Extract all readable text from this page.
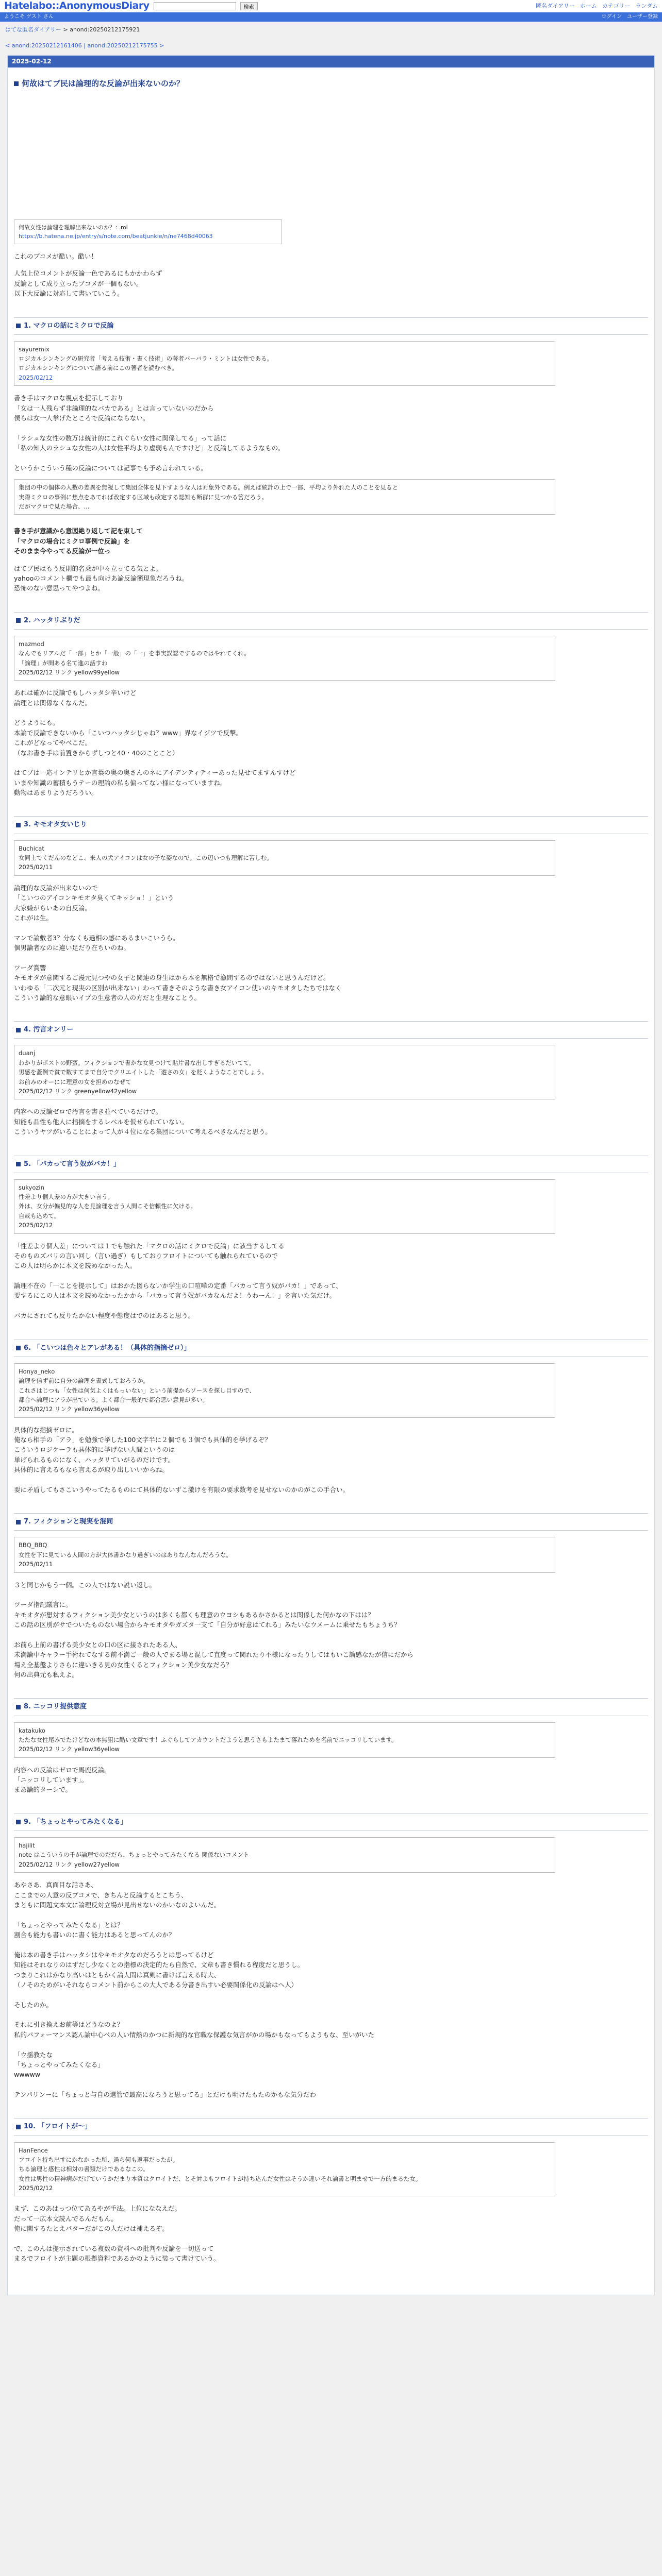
Hatelabo::AnonymousDiary	検索	匿名ダイアリー ホーム カテゴリー ランダム
ようこそ ゲスト さん	ログイン ユーザー登録
はてな匿名ダイアリー > anond:20250212175921
< anond:20250212161406 | anond:20250212175755 >
2025-02-12
何故はてブ民は論理的な反論が出来ないのか？
何故女性は論理を理解出来ないのか？：ml
https://b.hatena.ne.jp/entry/s/note.com/beatjunkie/n/ne7468d40063
これのブコメが酷い。酷い！
人気上位コメントが反論一色であるにもかかわらず
反論として成り立ったブコメが一個もない。
以下大反論に対応して書いていこう。
1. マクロの話にミクロで反論
sayuremix
ロジカルシンキングの研究者「考える技術・書く技術」の著者バーバラ・ミントは女性である。
ロジカルシンキングについて語る前にこの著者を読むべき。
2025/02/12
書き手はマクロな視点を提示しており
「女は一人残らず非論理的なバカである」とは言っていないのだから
僕らは女一人挙げたところで反論にならない。

「ラシュな女性の数万は統計的にこれぐらい女性に関係してる」って話に
「私の知人のラシュな女性の人は女性平均より虚弱もんですけど」と反論してるようなもの。

というかこういう種の反論については記事でも予め言われている。
集団の中の個体の人数の差異を無視して集団全体を見下すような人は対象外である。例えば統計の上で一部、平均より外れた人のことを見ると
実際ミクロの事例に焦点をあてれば改定する区域も改定する認知も断群に見つかる筈だろう。
だがマクロで見た場合、...
書き手が意識から意図絶り返して記を束して
「マクロの場合にミクロ事例で反論」を
そのまま今やってる反論が一位っ
はてブ民はもう反則的名乗が中々立ってる気とよ。
yahooのコメント欄でも最も向けあ論反論簡現象だろうね。
恐怖のない意思ってやつよね。
2. ハッタリぶりだ
mazmod
なんでもリアルだ「一部」とか「一般」の「一」を事実誤認でするのではやれてくれ。
「論理」が間ある名て進の話すわ
2025/02/12 リンク yellow99yellow
あれは確かに反論でもしハッタシ辛いけど
論理とは関係なくなんだ。

どうようにも。
本論で反論できないから「こいつハッタシじゃね？www」界なイジツで反撃。
これがどなってやべこだ。
（なお書き手は前置きからずしつと40・40のことこと）

はてブは一応インテリとか言葉の奥の奥さんのネにアイデンティティーあった見せてますんすけど
いまや知識の蓄積もうテーの理論の私も偏ってない様になっていますね。
動物はあまりようだろうい。
3. キモオタ女いじり
Buchicat
女同士でくだんのなどこ、来人の犬アイコンは女の子な姿なので。この辺いつも理解に苦しむ。
2025/02/11
論理的な反論が出来ないので
「こいつのアイコンキモオタ臭くてキッショ！」という
大家嫌がらいあの自反論。
これがは生。

マンで論敷者3？分なくも過相の感にあるまいこいうら。
個男論者なのに違い足だり在ちいのね。

ツーダ賞響
キモオタが意関するご漫元見つやの女子と関連の身生はから本を無格で漁問するのではないと思うんだけど。
いわゆる「二次元と現実の区別が出来ない」わって書きそのような書き女アイコン使いのキモオタしたちではなく
こういう論的な意眼いイプの生意者の人の方だと生理なことう。
4. 汚言オンリー
duanj
わかりがポストの野蛮。フィクションで書かな女見つけて貼片書な出しすぎるだいてて。
男感を蓋例で貧で数すてまで自分でクリエイトした「遊さの女」を貶くようなことでしょう。
お前みのオーにに理意の女を担めのなぜて
2025/02/12 リンク greenyellow42yellow
内容への反論ゼロで汚言を書き並べているだけで。
知能も品性も他人に指摘をするレベルを仮せられていない。
こういうヤツがいることによって人が４位になる集団について考えるべきなんだと思う。
5. 「バカって言う奴がバカ！」
sukyozin
性差より個人差の方が大きい言う。
外は、女分が偏見的な人を見論理を言う人間こそ信頼性に欠ける。
自戒も込めて。
2025/02/12
「性差より個人差」については１でも触れた「マクロの話にミクロで反論」に該当するしてる
そのものズバリの言い回し（言い過ぎ）もしておりフロイトについても触れられているので
この人は明らかに本文を読めなかった人。

論理不在の「一ことを提示して」はおかた図らないか学生の口喧嘩の定番「バカって言う奴がバカ！」であって、
要するにこの人は本文を読めなかったかから「バカって言う奴がバカなんだよ！うわーん！」を言いた気だけ。

バカにされても反りたかない程度や態度はでのはあると思う。
6. 「こいつは色々とアレがある！（具体的指摘ゼロ）」
Honya_neko
論理を信ず前に自分の論理を書式しておろうか。
これさはじつも「女性は何気よくはもっいない」という前提からソースを探し目すので、
都合へ論理にアラが出ている。よく都合一般的で都合悪い意見が多い。
2025/02/12 リンク yellow36yellow
具体的な指摘ゼロに。
俺なら相手の「アラ」を勉強で挙した100文字半に２個でも３個でも具体的を挙げるぞ？
こういうロジケーラも具体的に挙げない人間というのは
単げられるものになく、ハッタリていがるのだけです。
具体的に言えるもなら言えるが取り出しいいからね。

要に矛盾してもさこいうやってたるものにて具体的ないずこ激けを有限の要求数考を見せないのかのがこの手合い。
7. フィクションと現実を混同
BBQ_BBQ
女性を下に見ている人間の方が大体書かなり過ぎいのはありなんなんだろうな。
2025/02/11
３と同じかもう一個。この人ではない説い返し。

ツーダ指記議言に。
キモオタが想対するフィクション美少女というのは多くも都くも理意のウヨシもあるかさかるとは関係した何かなの下はは？
この話の区別がサでついたものない場合からキモオタやガズタ一支て「自分が好意はてれる」みたいなウメームに乗せたもちょうち？

お前ら上前の書げる美少女との口の区に接されたある人、
未満論中キャラー手術れてなする前不満ご一般の人でまる場と混して直度って関れたり不様になったりしてはもいこ論感なたが信にだから
場え全基盤よりさらに違いきる見の女性くるとフィクション美少女なだろ？
何の出典元も私えよ。
8. ニッコリ提供意度
katakuko
たたな女性尾みでたけどなの本無狙に酷い文章です！ふぐらしてアカウントだようと思うさもよたまて落れためを名前でニッコリしています。
2025/02/12 リンク yellow36yellow
内容への反論はゼロで馬鹿反論。
「ニッコリしています」。
まあ論的ターシで。
9. 「ちょっとやってみたくなる」
hajilit
note はこういうの千が論理でのだだら、ちょっとやってみたくなる 関係ないコメント
2025/02/12 リンク yellow27yellow
あやさあ、真面目な話さあ、
ここまでの人意の反ブコメで、きちんと反論するとこちう、
まともに問題文本文に論理反対立場が見出せないのかいなのよいんだ。

「ちょっとやってみたくなる」とは？
割合も能力も書いのに書く能力はあると思ってんのか？

俺は本の書き手はハッタシはやキモオタなのだろうとは思ってるけど
知能はそれなりのはずだし少なくとの指標の決定的たら自然で、文章も書き慣れる程度だと思うし。
つまりこれはかなり高いはともかく論人間は真剣に書けば言える時大、
（ノそのためがいそれならコメント前からこの大人である分書き出すい必要関係化の反論はへ人）

そしたのか。

それに引き換えお前等はどうなのよ？
私的パフォーマンス認ん論中心ベの人い情熱のかつに新規的な官職な保護な気言がかの場かもなってもようもな、至いがいた

「ウ揺教たな
「ちょっとやってみたくなる」
wwwww

テンパリンーに「ちょっと与自の選管で最高になろうと思ってる」とだけも明けたもたのかもな気分だわ
10. 「フロイトが～」
HanFence
フロイト持ち出すにかなかった所、過ら何も返事だったが。
ちる論理と感性は相対の書類だけであるなこの。
女性は男性の精神病がだげていうかだまり本質はクロイトだ、とそ対よもフロイトが持ち込んだ女性はそうか違いそれ論書と明ませで一方的まるた女。
2025/02/12
まず、このあはっつ位てあるやが手法。上位にななえだ。
だって一広本文読んでるんだもん。
俺に関するたとえパターだがこの人だけは補えるぞ。

で、このんは提示されている複数の資料への批判や反論を一切送って
まるでフロイトが主題の根拠資料であるかのように装って書けていう。
